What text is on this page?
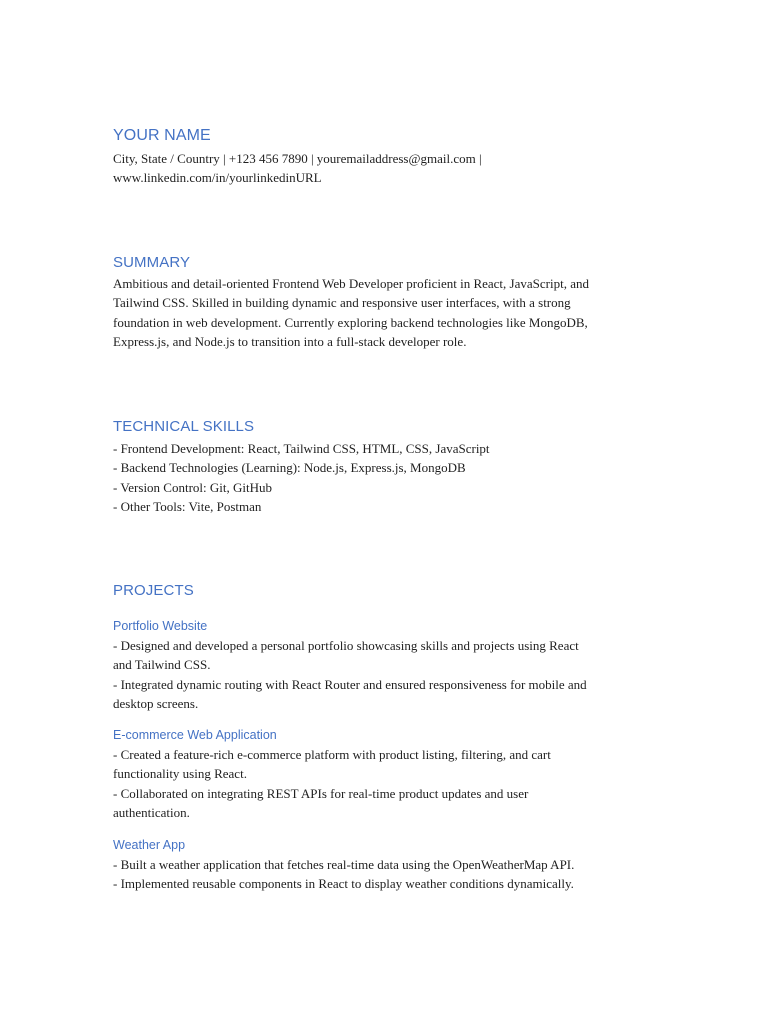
YOUR NAME
City, State / Country | +123 456 7890 | youremailaddress@gmail.com |
www.linkedin.com/in/yourlinkedinURL
SUMMARY
Ambitious and detail-oriented Frontend Web Developer proficient in React, JavaScript, and
Tailwind CSS. Skilled in building dynamic and responsive user interfaces, with a strong
foundation in web development. Currently exploring backend technologies like MongoDB,
Express.js, and Node.js to transition into a full-stack developer role.
TECHNICAL SKILLS
- Frontend Development: React, Tailwind CSS, HTML, CSS, JavaScript
- Backend Technologies (Learning): Node.js, Express.js, MongoDB
- Version Control: Git, GitHub
- Other Tools: Vite, Postman
PROJECTS
Portfolio Website
- Designed and developed a personal portfolio showcasing skills and projects using React
and Tailwind CSS.
- Integrated dynamic routing with React Router and ensured responsiveness for mobile and
desktop screens.
E-commerce Web Application
- Created a feature-rich e-commerce platform with product listing, filtering, and cart
functionality using React.
- Collaborated on integrating REST APIs for real-time product updates and user
authentication.
Weather App
- Built a weather application that fetches real-time data using the OpenWeatherMap API.
- Implemented reusable components in React to display weather conditions dynamically.
